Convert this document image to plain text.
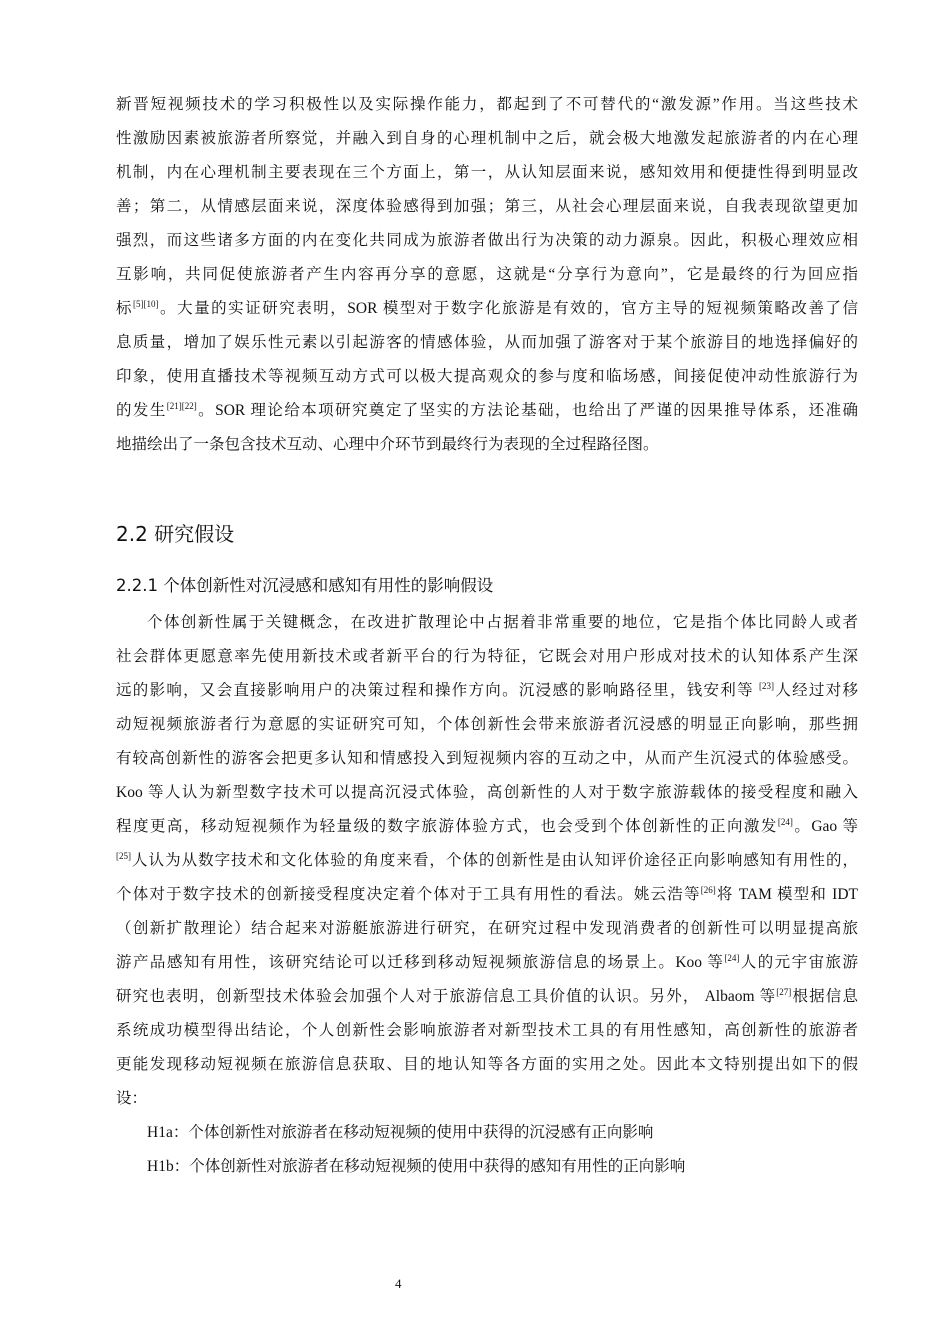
新晋短视频技术的学习积极性以及实际操作能力，都起到了不可替代的“激发源”作用。当这些技术
性激励因素被旅游者所察觉，并融入到自身的心理机制中之后，就会极大地激发起旅游者的内在心理
机制，内在心理机制主要表现在三个方面上，第一，从认知层面来说，感知效用和便捷性得到明显改
善；第二，从情感层面来说，深度体验感得到加强；第三，从社会心理层面来说，自我表现欲望更加
强烈，而这些诸多方面的内在变化共同成为旅游者做出行为决策的动力源泉。因此，积极心理效应相
互影响，共同促使旅游者产生内容再分享的意愿，这就是“分享行为意向”，它是最终的行为回应指
标[5][10]。大量的实证研究表明，SOR 模型对于数字化旅游是有效的，官方主导的短视频策略改善了信
息质量，增加了娱乐性元素以引起游客的情感体验，从而加强了游客对于某个旅游目的地选择偏好的
印象，使用直播技术等视频互动方式可以极大提高观众的参与度和临场感，间接促使冲动性旅游行为
的发生[21][22]。SOR 理论给本项研究奠定了坚实的方法论基础，也给出了严谨的因果推导体系，还准确
地描绘出了一条包含技术互动、心理中介环节到最终行为表现的全过程路径图。
2.2 研究假设
2.2.1 个体创新性对沉浸感和感知有用性的影响假设
个体创新性属于关键概念，在改进扩散理论中占据着非常重要的地位，它是指个体比同龄人或者
社会群体更愿意率先使用新技术或者新平台的行为特征，它既会对用户形成对技术的认知体系产生深
远的影响，又会直接影响用户的决策过程和操作方向。沉浸感的影响路径里，钱安利等 [23]人经过对移
动短视频旅游者行为意愿的实证研究可知，个体创新性会带来旅游者沉浸感的明显正向影响，那些拥
有较高创新性的游客会把更多认知和情感投入到短视频内容的互动之中，从而产生沉浸式的体验感受。
Koo 等人认为新型数字技术可以提高沉浸式体验，高创新性的人对于数字旅游载体的接受程度和融入
程度更高，移动短视频作为轻量级的数字旅游体验方式，也会受到个体创新性的正向激发[24]。Gao 等
[25]人认为从数字技术和文化体验的角度来看，个体的创新性是由认知评价途径正向影响感知有用性的，
个体对于数字技术的创新接受程度决定着个体对于工具有用性的看法。姚云浩等[26]将 TAM 模型和 IDT
（创新扩散理论）结合起来对游艇旅游进行研究，在研究过程中发现消费者的创新性可以明显提高旅
游产品感知有用性，该研究结论可以迁移到移动短视频旅游信息的场景上。Koo 等[24]人的元宇宙旅游
研究也表明，创新型技术体验会加强个人对于旅游信息工具价值的认识。另外， Albaom 等[27]根据信息
系统成功模型得出结论，个人创新性会影响旅游者对新型技术工具的有用性感知，高创新性的旅游者
更能发现移动短视频在旅游信息获取、目的地认知等各方面的实用之处。因此本文特别提出如下的假
设：
H1a：个体创新性对旅游者在移动短视频的使用中获得的沉浸感有正向影响
H1b：个体创新性对旅游者在移动短视频的使用中获得的感知有用性的正向影响
4
